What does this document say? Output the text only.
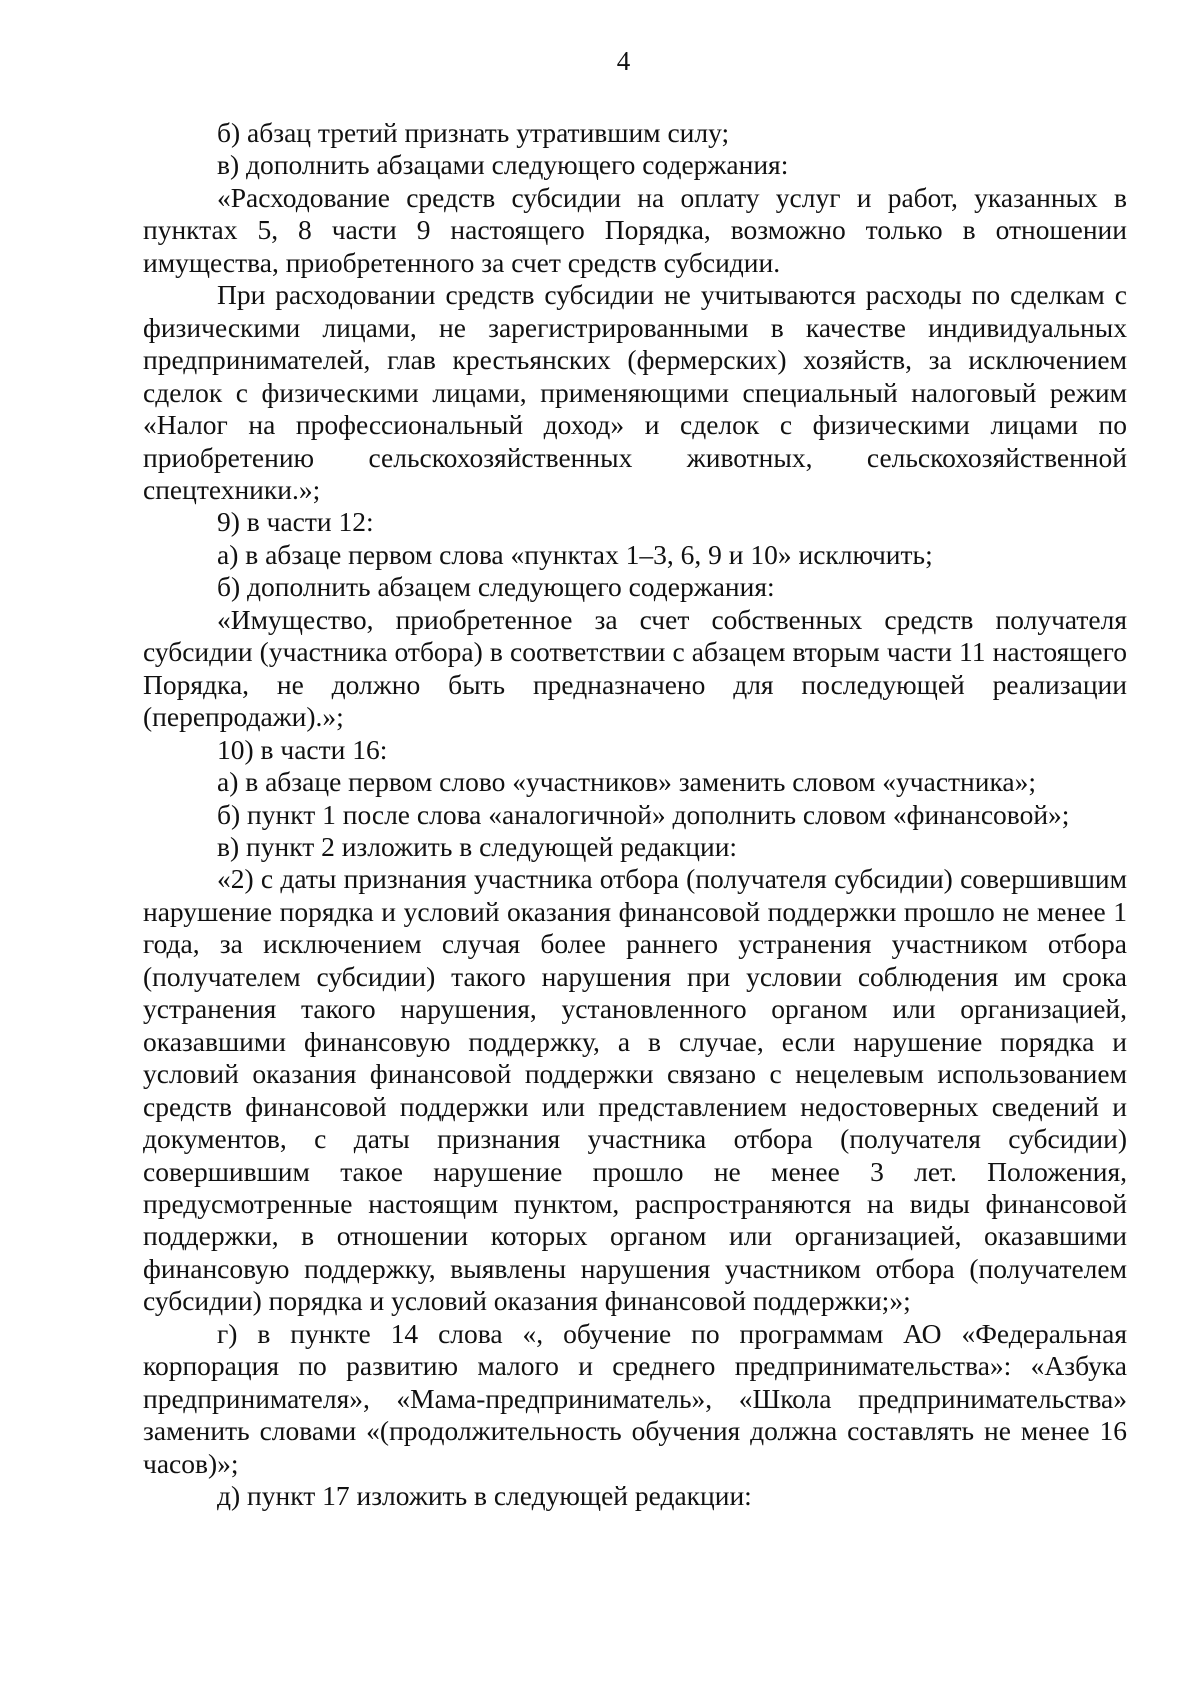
4

б) абзац третий признать утратившим силу;

в) дополнить абзацами следующего содержания:

«Расходование средств субсидии на оплату услуг и работ, указанных в пунктах 5, 8 части 9 настоящего Порядка, возможно только в отношении имущества, приобретенного за счет средств субсидии.

При расходовании средств субсидии не учитываются расходы по сделкам с физическими лицами, не зарегистрированными в качестве индивидуальных предпринимателей, глав крестьянских (фермерских) хозяйств, за исключением сделок с физическими лицами, применяющими специальный налоговый режим «Налог на профессиональный доход» и сделок с физическими лицами по приобретению сельскохозяйственных животных, сельскохозяйственной спецтехники.»;

9) в части 12:

а) в абзаце первом слова «пунктах 1–3, 6, 9 и 10» исключить;

б) дополнить абзацем следующего содержания:

«Имущество, приобретенное за счет собственных средств получателя субсидии (участника отбора) в соответствии с абзацем вторым части 11 настоящего Порядка, не должно быть предназначено для последующей реализации (перепродажи).»;

10) в части 16:

а) в абзаце первом слово «участников» заменить словом «участника»;

б) пункт 1 после слова «аналогичной» дополнить словом «финансовой»;

в) пункт 2 изложить в следующей редакции:

«2) с даты признания участника отбора (получателя субсидии) совершившим нарушение порядка и условий оказания финансовой поддержки прошло не менее 1 года, за исключением случая более раннего устранения участником отбора (получателем субсидии) такого нарушения при условии соблюдения им срока устранения такого нарушения, установленного органом или организацией, оказавшими финансовую поддержку, а в случае, если нарушение порядка и условий оказания финансовой поддержки связано с нецелевым использованием средств финансовой поддержки или представлением недостоверных сведений и документов, с даты признания участника отбора (получателя субсидии) совершившим такое нарушение прошло не менее 3 лет. Положения, предусмотренные настоящим пунктом, распространяются на виды финансовой поддержки, в отношении которых органом или организацией, оказавшими финансовую поддержку, выявлены нарушения участником отбора (получателем субсидии) порядка и условий оказания финансовой поддержки;»;

г) в пункте 14 слова «, обучение по программам АО «Федеральная корпорация по развитию малого и среднего предпринимательства»: «Азбука предпринимателя», «Мама-предприниматель», «Школа предпринимательства» заменить словами «(продолжительность обучения должна составлять не менее 16 часов)»;

д) пункт 17 изложить в следующей редакции:
